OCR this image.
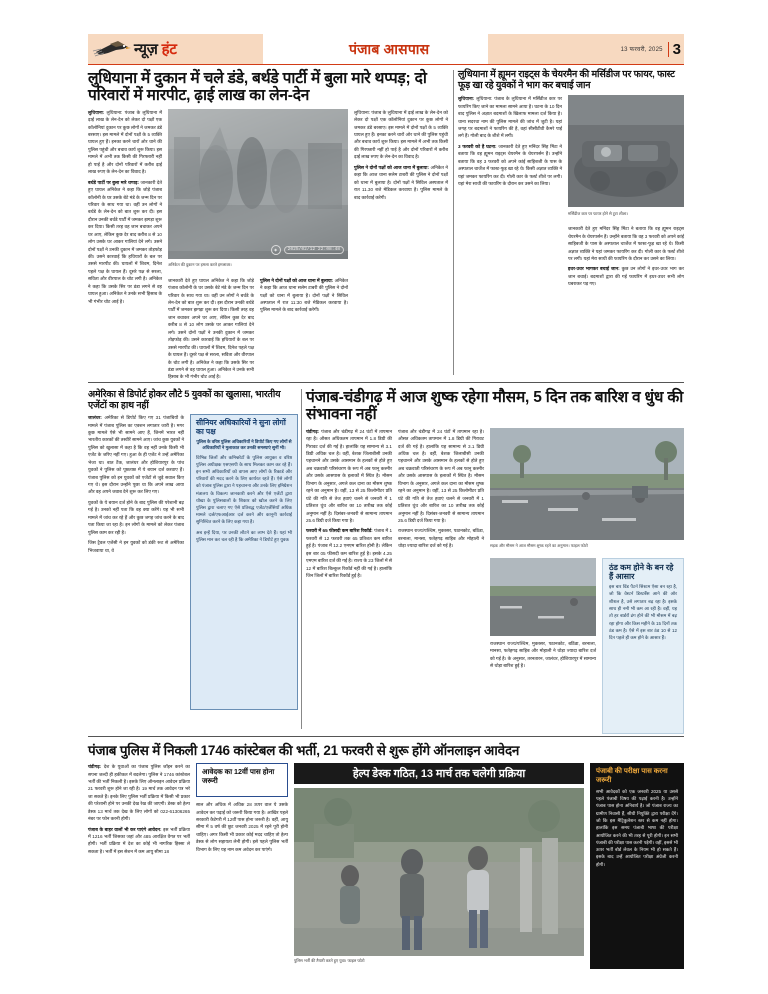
न्यूज़ हंट	पंजाब आसपास	13 फरवरी, 2025 3
लुधियाना में दुकान में चले डंडे, बर्थडे पार्टी में बुला मारे थप्पड़; दो परिवारों में मारपीट, ढ़ाई लाख का लेन-देन

लुधियाना: लुधियाना: पंजाब के लुधियाना में ढ़ाई लाख के लेन-देन को लेकर दो पक्षों एक कॉलोनियां दुकान पर कुछ लोगों ने जमकर डंडे बरसाए। इस मामले में दोनों पक्षों के 5 व्यक्ति घायल हुए हैं। इनका करने चारों ओर थाने की पुलिस पहुंची और बचाव कार्य शुरू किया। इस मामले में अभी तक किसी की गिरफ्तारी नहीं हो पाई है और दोनों परिवारों में करीब ढ़ाई लाख रुपए के लेन-देन का विवाद है।

बर्थडे पार्टी पर बुला मारे थप्पड़: जानकारी देते हुए घायल अनिकेत ने कहा कि जोड़े पंजाब कॉलोनी के घर उसके बेटे मंडे के जन्म दिन पर परिवार के साथ गया था। वहीं उन लोगों ने बर्थडे के लेन-देन को बात शुरू कर दी। इस दौरान उनकी बर्थडे पार्टी में जमकर झगड़ा शुरू कर दिया। किसी तरह वह जान बचाकर अपने घर आए, लेकिन कुछ देर बाद करीब 8 से 10 लोग उसके घर आकर गालियां देने लगे। उसने दोनों पक्षों ने उनकी दुकान में जमकर तोड़फोड़ की। उसने कारवाई कि हथियारों के बल पर उससे मारपीट की। घायलों में शिवम, दिनेश पहले पक्ष के घायल हैं। दूसरे पक्ष से सरला, सविता और वीरपाल के चोट लगी है। अनिकेत ने कहा कि उसके सिर पर डंडा लगने से वह घायल हुआ। अनिकेत ने उनके सभी हिसाब के भी गंभीर चोट आई है।

◉	2025/02/12 22:08:48
अनिकेत की दुकान पर हमला करते हमलावर।

जानकारी देते हुए घायल अनिकेत ने कहा कि जोड़े पंजाब कॉलोनी के घर उसके बेटे मंडे के जन्म दिन पर परिवार के साथ गया था। वहीं उन लोगों ने बर्थडे के लेन-देन को बात शुरू कर दी। इस दौरान उनकी बर्थडे पार्टी में जमकर झगड़ा शुरू कर दिया। किसी तरह वह जान बचाकर अपने घर आए, लेकिन कुछ देर बाद करीब 8 से 10 लोग उसके घर आकर गालियां देने लगे। उसने दोनों पक्षों ने उनकी दुकान में जमकर तोड़फोड़ की। उसने कारवाई कि हथियारों के बल पर उससे मारपीट की। घायलों में शिवम, दिनेश पहले पक्ष के घायल हैं। दूसरे पक्ष से सरला, सविता और वीरपाल के चोट लगी है। अनिकेत ने कहा कि उसके सिर पर डंडा लगने से वह घायल हुआ। अनिकेत ने उनके सभी हिसाब के भी गंभीर चोट आई है।

पुलिस ने दोनों पक्षों को आज थाना में बुलाया: अनिकेत ने कहा कि आज थाना सलेम टाबरी की पुलिस ने दोनों पक्षों को थाना में बुलाया है। दोनों पक्षों ने सिविल अस्पताल में रात 11:30 बजे मेडिकल करवाया है। पुलिस मामले के बाद कार्रवाई करेगी।

लुधियाना: पंजाब के लुधियाना में ढ़ाई लाख के लेन-देन को लेकर दो पक्षों एक कॉलोनियां दुकान पर कुछ लोगों ने जमकर डंडे बरसाए। इस मामले में दोनों पक्षों के 5 व्यक्ति घायल हुए हैं। इनका करने चारों ओर थाने की पुलिस पहुंची और बचाव कार्य शुरू किया। इस मामले में अभी तक किसी की गिरफ्तारी नहीं हो पाई है और दोनों परिवारों में करीब ढ़ाई लाख रुपए के लेन-देन का विवाद है।

पुलिस ने दोनों पक्षों को आज थाना में बुलाया: अनिकेत ने कहा कि आज थाना सलेम टाबरी की पुलिस ने दोनों पक्षों को थाना में बुलाया है। दोनों पक्षों ने सिविल अस्पताल में रात 11.30 बजे मेडिकल करवाया है। पुलिस मामले के बाद कार्रवाई करेगी।

लुधियाना में ह्यूमन राइट्स के चेयरमैन की मर्सिडीज पर फायर, फास्ट फूड़ खा रहे युवकों ने भाग कर बचाई जान

लुधियाना: लुधियाना: पंजाब के लुधियाना में मर्सिडीज कार पर फायरिंग किए जाने का मामला सामने आया है। घटना के 10 दिन बाद पुलिस ने अज्ञात बदमाशों के खिलाफ मामला दर्ज किया है। थाना सदरथा नाम की पुलिस मामले की जांच में जुटी है। यहां जगह पर बदमाशों ने फायरिंग की है, वहां सीसीटीवी कैमरे पाई लगे हैं। गोली बाद के शीशे में लगी।

3 फरवरी को है घटना: जानकारी देते हुए मनिंदर सिंह मिंटा ने बताया कि वह ह्यूमन राइट्स चेयरमैन के चेयरपर्सन हैं। उन्होंने बताया कि वह 3 फरवरी को अपने कांई साहिबजी के पास के अस्पताल चार्जेज में फास्ट-फूड़ खा रहे थे। किसी अज्ञात व्यक्ति ने यहां जमकर फायरिंग कर दी। गोली कार के फर्स्ट शीशे पर लगी। यहां मेरा साथी की फायरिंग के दौरान कर उसने का लिया।

मर्सिडीज कार पर फायर होने से टूटा शीशा।

जानकारी देते हुए मनिंदर सिंह मिंटा ने बताया कि वह ह्यूमन राइट्स चेयरमैन के चेयरपर्सन हैं। उन्होंने बताया कि वह 3 फरवरी को अपने कांई साहिबजी के पास के अस्पताल चार्जेज में फास्ट-फूड़ खा रहे थे। किसी अज्ञात व्यक्ति ने यहां जमकर फायरिंग कर दी। गोली कार के फर्स्ट शीशे पर लगी। यहां मेरा साथी की फायरिंग के दौरान कर उसने का लिया।

इधर-उधर भागकर बचाई जान: कुछ उन लोगों ने इधर-उधर भाग कर जान बचाई। बदमाशों द्वारा की गई फायरिंग में इधर-उधर सभी लोग घबराकर पड़ गए।

अमेरिका से डिपोर्ट होकर लौटे 5 युवकों का खुलासा, भारतीय एजेंटों का हाथ नहीं

जालंधर: अमेरिका से डिपोर्ट किए गए 31 पंजाबियों के मामले में पंजाब पुलिस का एक्शन लगातार जारी है। मगर कुछ मामले ऐसे भी सामने आए हैं, जिनमें भारत नहीं भारतीय कारकों की तस्वीरें सामने आए। जांच कुछ युवकों ने पुलिस को खुलासा में कहा है कि वह नहीं उनके किसी भी एजेंट के जरिए नहीं गए। हुआ के ही एजेंट ने उन्हें अमेरिका भेजा था। बात टैंक, जालंधर और होशियारपुर के पांच युवकों ने पुलिस को पूछताछ में ये बयान दर्ज करवाए हैं। पंजाब पुलिस को इन युवकों को एजेंटों से जुड़े सवाल किए गए थे। इस दौरान उन्होंने पूछा था कि अपने लाख आया और वह अपने जवाब देने शुरू कर लिए गए।

युवकों के ये बयान दर्ज होने के बाद पुलिस की परेशानी बढ़ गई है। उनको नहीं पता कि वह क्या करेंगे। यह भी सभी मामले में जांच कर रहे हैं और कुछ जगह जांच करने के बाद पता किया जा रहा है। इन लोगों के मामले को लेकर पंजाब पुलिस काम कर रही है।

जिस ट्रैवल एजेंसी ने इन युवकों को डंकी रूट से अमेरिका भिजवाया था, वे

सीनियर अधिकारियों ने सुना लोगों का पक्ष
पुलिस के वरिष्ठ पुलिस अधिकारियों ने डिपोर्ट किए गए लोगों से अधिकारियों ने मुलाकात कर उनकी समस्याएं सुनीं भी।

विभिन्न जिलों और कमिश्नरेटों के पुलिस आयुक्त व वरिष्ठ पुलिस अधीक्षक एसएसपी के साथ मिलकर काम कर रहे हैं। इन सभी अधिकारियों को वापस आए लोगों के रिकार्ड और परिवारों की मदद करने के लिए कार्यरत रहते हैं। ऐसे लोगों को पंजाब पुलिस द्वारा ने पहचानना और उनके लिए इमिग्रेशन मंत्रालय के विकल्प जानकारी करने और ऐसे एजेंटों द्वारा धोखा के पुलिसवालों के शिकार को खोज करने के लिए पुलिस द्वारा चलाए गए ऐसे प्रतिबद्ध एजेंट/एजेंसियों अधिक मामले दर्ज/एफआईआर दर्ज करने और कानूनी कार्रवाई सुनिश्चित करने के लिए कहा गया है।

अब इन्हें दिया, पर उनकी लौटने का लाभ देते हैं। यहां भी पुलिस मान कर चल रही है कि अमेरिका ने डिपोर्ट हुए युवक

पंजाब-चंडीगढ़ में आज शुष्क रहेगा मौसम, 5 दिन तक बारिश व धुंध की संभावना नहीं

चंडीगढ़: पंजाब और चंडीगढ़ में 24 घंटों में तापमान रहा है। औसत अधिकतम तापमान में 1.8 डिग्री की गिरावट दर्ज की गई है। हालांकि यह सामान्य से 3.1 डिग्री अधिक चल है। वहीं, बेशक जिलाबीसी उनकी पहचानने और उसके आसमान के हलकों से होते हुए अब चक्रवाती परिसंचरण के रूप में अब फानू कश्मीर और उसके आसपास के इलाकों में स्थित है। मौसम विभाग के अनुसार, अगले कल दाना का मौसम शुष्क रहने का अनुमान है। वहीं, 13 से 25 किलोमीटर प्रति घंटे की गति से तेज हवाएं चलने से जनवरी में 1 प्रतिशत धुंध और बारिश का 10 तारीख तक कोई अनुमान नहीं है। दिसंबर-जनवरी से सामान्य तापमान 25.6 डिग्री दर्ज किया गया है।

फरवरी में 65 फीसदी कम बारिश रिकॉर्ड: पंजाब में 1 फरवरी से 12 फरवरी तक 65 प्रतिशत कम बारिश हुई है। पंजाब में 12.2 एमएम बारिश होनी है। लेकिन इस बार 05 फीसदी कम बारिश हुई है। इसके 4.25 एमएम बारिश दर्ज की गई है। राज्य के 23 जिलों में से 12 में बारिश बिल्कुल रिकॉर्ड नहीं की गई है। हालांकि जिन जिलों में बारिश रिकॉर्ड हुई है।

पंजाब और चंडीगढ़ में 24 घंटों में तापमान रहा है। औसत अधिकतम तापमान में 1.8 डिग्री की गिरावट दर्ज की गई है। हालांकि यह सामान्य से 3.1 डिग्री अधिक चल है। वहीं, बेशक जिलाबीसी उनकी पहचानने और उसके आसमान के हलकों से होते हुए अब चक्रवाती परिसंचरण के रूप में अब फानू कश्मीर और उसके आसपास के इलाकों में स्थित है। मौसम विभाग के अनुसार, अगले कल दाना का मौसम शुष्क रहने का अनुमान है। वहीं, 13 से 25 किलोमीटर प्रति घंटे की गति से तेज हवाएं चलने से जनवरी में 1 प्रतिशत धुंध और बारिश का 10 तारीख तक कोई अनुमान नहीं है। दिसंबर-जनवरी से सामान्य तापमान 25.6 डिग्री दर्ज किया गया है।

राजस्थान राज्य/पश्चिम, मुक्तसर, पठानकोट, बठिंडा, बरनाला, मानसा, फतेहगढ़ साहिब और मोहाली ने थोड़ा ज्यादा बारिश दर्ज को गई है।	सड़क और मौसम ने आज मौसम शुष्क रहने का अनुमान। फाइल फोटो

राजस्थान राज्य/पश्चिम, मुक्तसर, पठानकोट, बठिंडा, बरनाला, मानसा, फतेहगढ़ साहिब और मोहाली ने थोड़ा ज्यादा बारिश दर्ज को गई है। के अनुसार, तरनतारन, जालंधर, होशियारपुर में सामान्य से थोड़ा बारिश हुई है।

ठंड कम होने के बन रहे हैं आसार

इस बार विंड पैटर्न सिस्टम ऐसा बन रहा है, जो कि वेस्टर्न डिस्टर्बेंस आने की ओर शीशल है, उसे लगातार बढ़ रहा है। इसके साथ ही नमी भी कम आ रही है। वहीं, यह तो हर बार्डरों ढंग होने की भी मौसम में बढ़ रहा होगा और किस महीने के 15 दिनों तक ठंड कम है। ऐसे में इस बार ठंड 10 से 12 दिन पहले ही कम होने के आसार हैं।

पंजाब पुलिस में निकली 1746 कांस्टेबल की भर्ती, 21 फरवरी से शुरू होंगे ऑनलाइन आवेदन

चंडीगढ़: देश के युवाओं का पंजाब पुलिस जॉइन करने का सपना जल्दी ही हकीकत में बदलेगा। पुलिस ने 1746 कांस्टेबल भर्ती की भर्ती निकली है। इसके लिए ऑनलाइन आवेदन प्रक्रिया 21 फरवरी शुरू होने जा रही है। 19 मार्च तक आवेदन पत्र भरे जा सकते हैं। इनके लिए पुलिस भर्ती प्रक्रिया में किसी भी प्रकार की परेशानी होने पर उनकी देख रेख की जाएगी। डेस्क को हेल्प डेस्क 13 मार्च तक देख के लिए लोगों को 022-61306265 नंबर पर फोन करनी होगी।

पंजाब के बाहर वालों भी कर पाएंगे आवेदन: इस भर्ती प्रक्रिया में 1216 भर्ती जिसका जहां और 485 आरक्षित वैगत पर भर्ती होगी। भर्ती प्रक्रिया में देश का कोई भी नागरिक हिस्सा ले सकता है। भर्ती में इस सेशन में कम आयु सीमा 18

आवेदक का 12वीं पास होना जरूरी

साल और अधिक में अधिक 28 ऊपर वाल ये उसके आवेदन कर पढ़ाई को जरूरी किया गया है। आखिर पहले सरकारी कैटेगरी में 12वीं पास होना जरूरी है। वहीं, आयु सीमा में 5 वर्ष की छूट जनवरी 2025 में रहने पूरी होनी चाहिए। अगर किसी भी प्रकार कोई मदद चाहिए तो हेल्प डेस्क से लोग सहायता लेनी होगी। इसे पहले पुलिस भर्ती विभाग के लिए यह नाम कम अवेदन कर पाएंगे।

हेल्प डेस्क गठित, 13 मार्च तक चलेगी प्रक्रिया
पुलिस भर्ती की तैयारी करते हुए युवा। फाइल फोटो
पंजाबी की परीक्षा पास करना जरूरी

सभी आवेदकों को एक जनवरी 2025 या उससे पहले पंजाबी विषय की पढ़ाई करनी है। उन्होंने पंजाब पास होना अनिवार्य है। जो पंजाब राज्य का ग्रामीण निवासी हैं, सीधी नियुक्ति द्वारा परीक्षा देंगे। जो कि इस मैट्रिकुलेशन स्तर से कम नहीं होगा। हालांकि इस समय पंजाबी भाषा की परीक्षा आयोजित करने की भी तरह से पूरी होगी। इन सभी पंजाबी की परीक्षा पास करनी पड़ेगी। वहीं, इससे भी ऊपर भर्ती बोर्ड लेवल के नियम भी हो सकते हैं। इसके बाद उन्हें आयोजित परीक्षा अंग्रेजी करनी होगी।
